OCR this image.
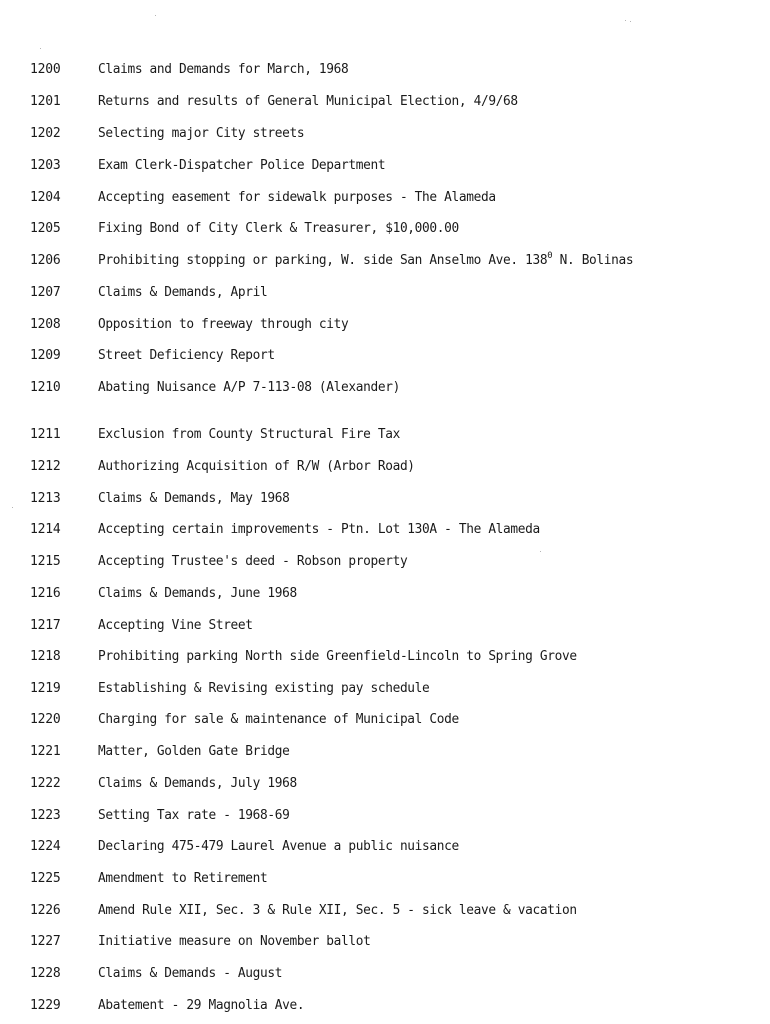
1200	Claims and Demands for March, 1968
1201	Returns and results of General Municipal Election, 4/9/68
1202	Selecting major City streets
1203	Exam Clerk-Dispatcher Police Department
1204	Accepting easement for sidewalk purposes - The Alameda
1205	Fixing Bond of City Clerk & Treasurer, $10,000.00
1206	Prohibiting stopping or parking, W. side San Anselmo Ave. $138^0$ N. Bolinas
1207	Claims & Demands, April
1208	Opposition to freeway through city
1209	Street Deficiency Report
1210	Abating Nuisance A/P 7-113-08 (Alexander)
1211	Exclusion from County Structural Fire Tax
1212	Authorizing Acquisition of R/W (Arbor Road)
1213	Claims & Demands, May 1968
1214	Accepting certain improvements - Ptn. Lot 130A - The Alameda
1215	Accepting Trustee's deed - Robson property
1216	Claims & Demands, June 1968
1217	Accepting Vine Street
1218	Prohibiting parking North side Greenfield-Lincoln to Spring Grove
1219	Establishing & Revising existing pay schedule
1220	Charging for sale & maintenance of Municipal Code
1221	Matter, Golden Gate Bridge
1222	Claims & Demands, July 1968
1223	Setting Tax rate - 1968-69
1224	Declaring 475-479 Laurel Avenue a public nuisance
1225	Amendment to Retirement
1226	Amend Rule XII, Sec. 3 & Rule XII, Sec. 5 - sick leave & vacation
1227	Initiative measure on November ballot
1228	Claims & Demands - August
1229	Abatement - 29 Magnolia Ave.
